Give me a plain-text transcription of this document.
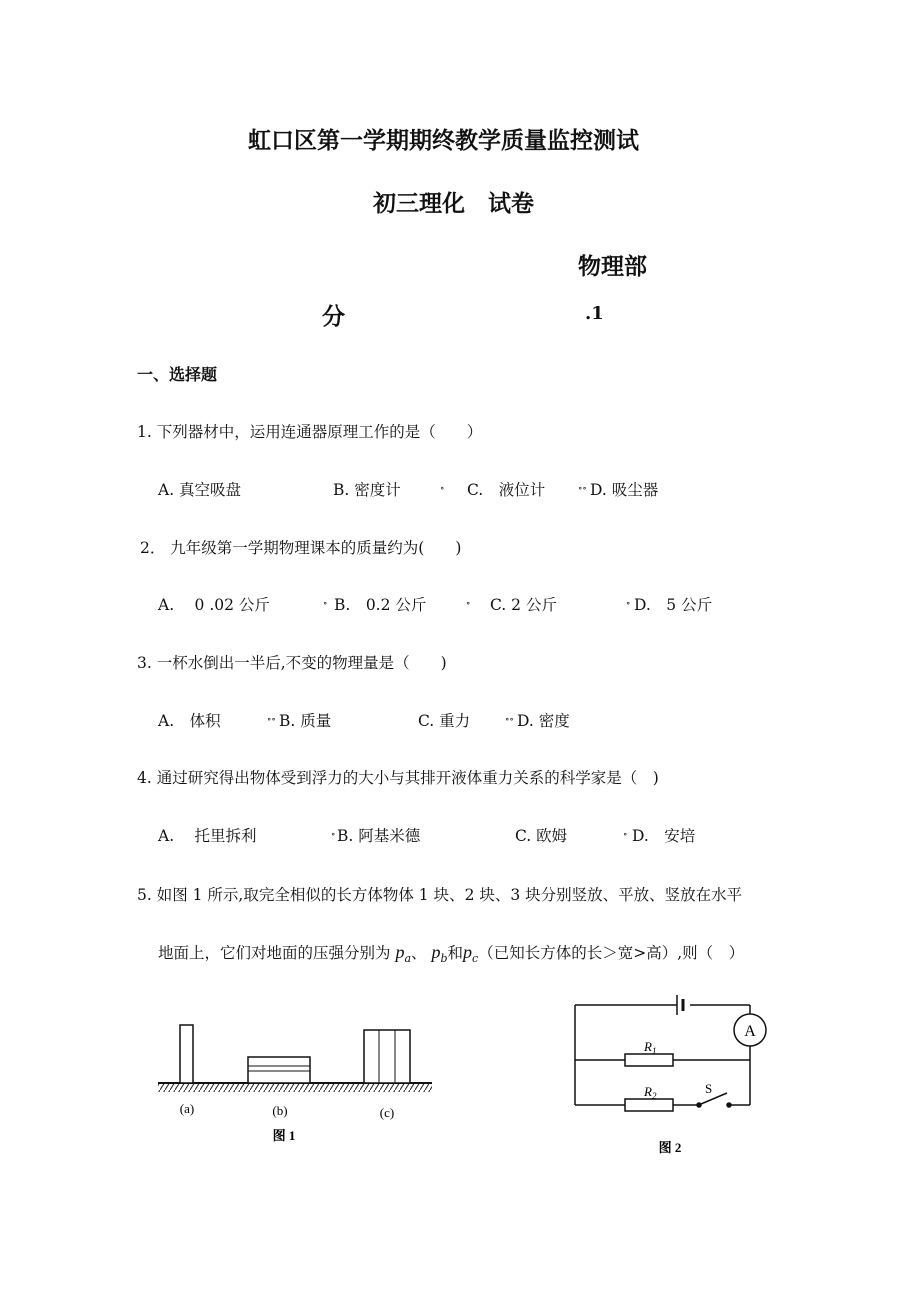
虹口区第一学期期终教学质量监控测试
初三理化 试卷
物理部
分	.1
一、选择题
1. 下列器材中，运用连通器原理工作的是（　　）
A. 真空吸盘	B. 密度计	∘ C.　液位计	∘∘ D. 吸尘器
2． 九年级第一学期物理课本的质量约为(　　)
A.　 0 .02 公斤	∘ B.　0.2 公斤	∘ C. 2 公斤	∘ D.　5 公斤
3. 一杯水倒出一半后,不变的物理量是（　　)
A.　体积	∘∘ B. 质量	C. 重力	∘∘ D. 密度
4. 通过研究得出物体受到浮力的大小与其排开液体重力关系的科学家是（　)
A.　 托里拆利	∘ B. 阿基米德	C. 欧姆	∘ D.　安培
5. 如图 1 所示,取完全相似的长方体物体 1 块、2 块、3 块分别竖放、平放、竖放在水平
地面上，它们对地面的压强分别为 $p_a$、 $p_b$和$p_c$（已知长方体的长＞宽>高）,则（　）
(a)	(b)	(c)
图 1
A
$R_1$
$R_2$	S
图 2
